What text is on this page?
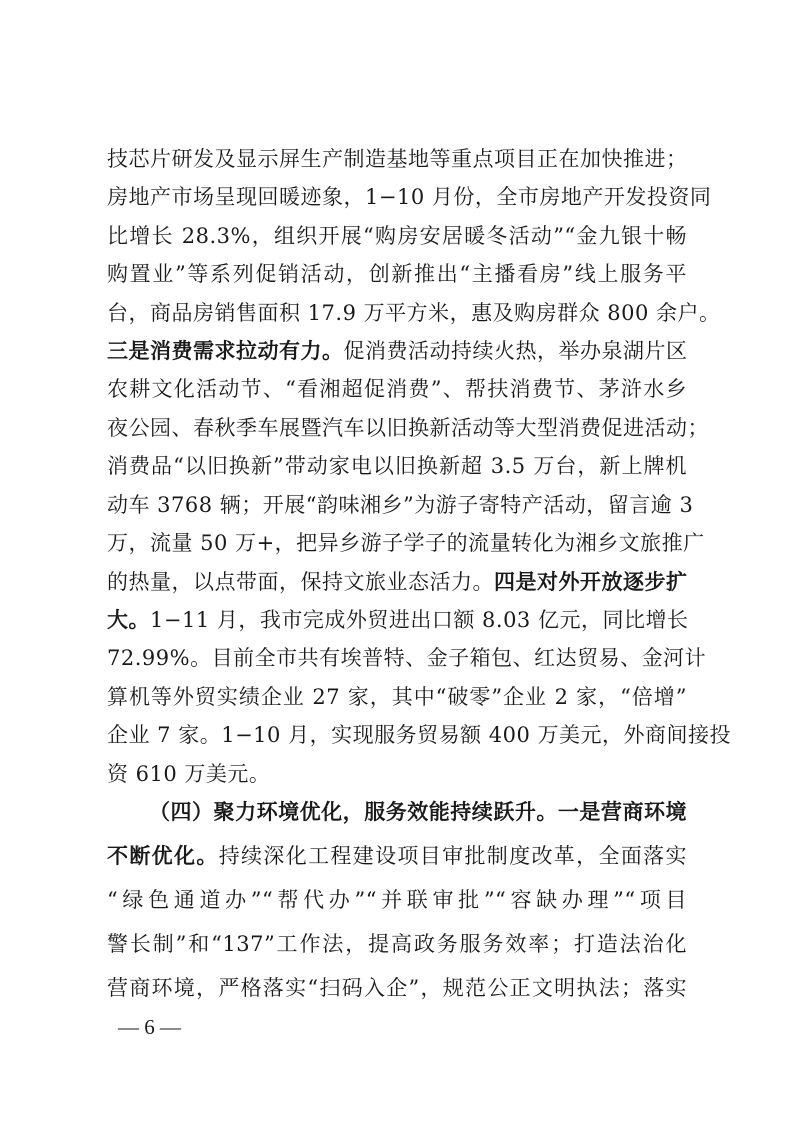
技芯片研发及显示屏生产制造基地等重点项目正在加快推进；
房地产市场呈现回暖迹象，1−10 月份，全市房地产开发投资同
比增长 28.3%，组织开展“购房安居暖冬活动”“金九银十畅
购置业”等系列促销活动，创新推出“主播看房”线上服务平
台，商品房销售面积 17.9 万平方米，惠及购房群众 800 余户。
三是消费需求拉动有力。促消费活动持续火热，举办泉湖片区
农耕文化活动节、“看湘超促消费”、帮扶消费节、茅浒水乡
夜公园、春秋季车展暨汽车以旧换新活动等大型消费促进活动；
消费品“以旧换新”带动家电以旧换新超 3.5 万台，新上牌机
动车 3768 辆；开展“韵味湘乡”为游子寄特产活动，留言逾 3
万，流量 50 万+，把异乡游子学子的流量转化为湘乡文旅推广
的热量，以点带面，保持文旅业态活力。四是对外开放逐步扩
大。1−11 月，我市完成外贸进出口额 8.03 亿元，同比增长
72.99%。目前全市共有埃普特、金子箱包、红达贸易、金河计
算机等外贸实绩企业 27 家，其中“破零”企业 2 家，“倍增”
企业 7 家。1−10 月，实现服务贸易额 400 万美元，外商间接投
资 610 万美元。
（四）聚力环境优化，服务效能持续跃升。一是营商环境
不断优化。持续深化工程建设项目审批制度改革，全面落实
“绿色通道办”“帮代办”“并联审批”“容缺办理”“项目
警长制”和“137”工作法，提高政务服务效率；打造法治化
营商环境，严格落实“扫码入企”，规范公正文明执法；落实
— 6 —
